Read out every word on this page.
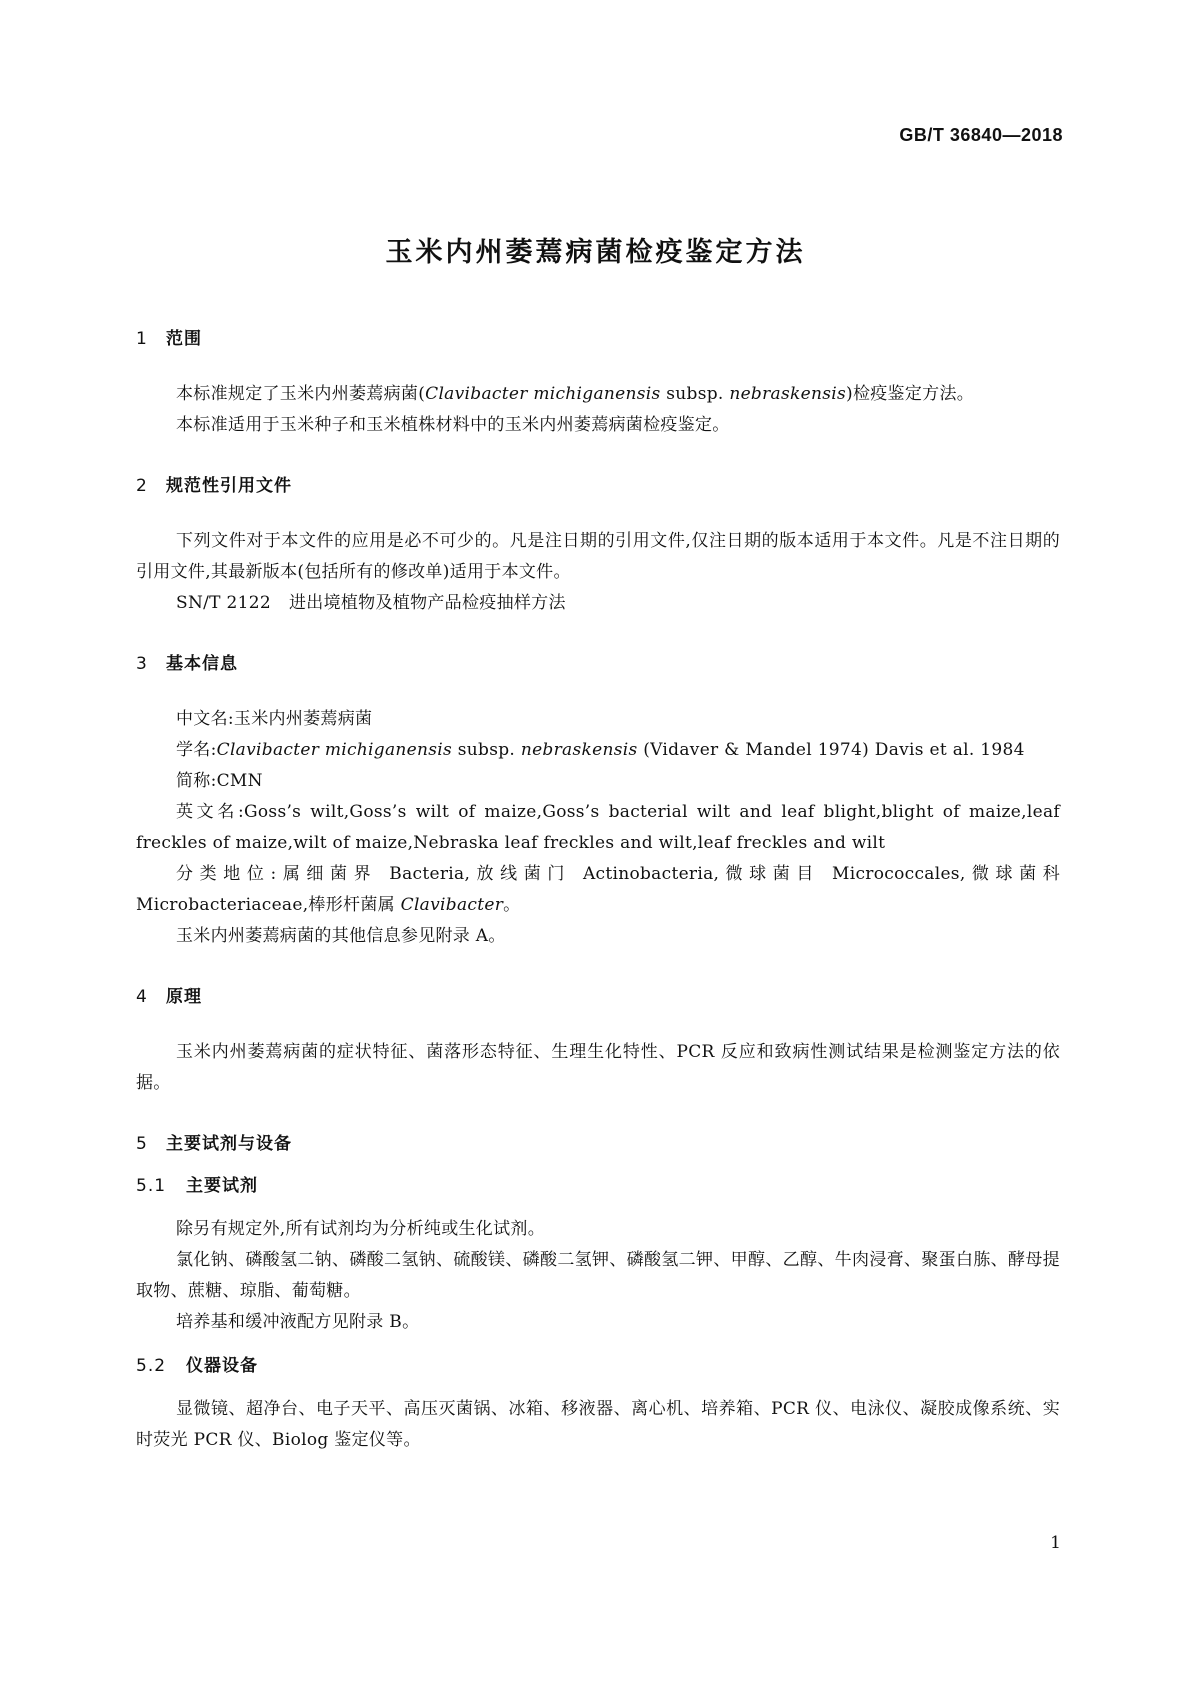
GB/T 36840—2018
玉米内州萎蔫病菌检疫鉴定方法
1 范围

本标准规定了玉米内州萎蔫病菌(Clavibacter michiganensis subsp. nebraskensis)检疫鉴定方法。

本标准适用于玉米种子和玉米植株材料中的玉米内州萎蔫病菌检疫鉴定。

2 规范性引用文件

下列文件对于本文件的应用是必不可少的。凡是注日期的引用文件,仅注日期的版本适用于本文件。凡是不注日期的引用文件,其最新版本(包括所有的修改单)适用于本文件。

SN/T 2122 进出境植物及植物产品检疫抽样方法

3 基本信息

中文名:玉米内州萎蔫病菌

学名:Clavibacter michiganensis subsp. nebraskensis (Vidaver & Mandel 1974) Davis et al. 1984

简称:CMN

英文名:Goss’s wilt,Goss’s wilt of maize,Goss’s bacterial wilt and leaf blight,blight of maize,leaf freckles of maize,wilt of maize,Nebraska leaf freckles and wilt,leaf freckles and wilt

分类地位:属细菌界 Bacteria,放线菌门 Actinobacteria,微球菌目 Micrococcales,微球菌科 Microbacteriaceae,棒形杆菌属 Clavibacter。

玉米内州萎蔫病菌的其他信息参见附录 A。

4 原理

玉米内州萎蔫病菌的症状特征、菌落形态特征、生理生化特性、PCR 反应和致病性测试结果是检测鉴定方法的依据。

5 主要试剂与设备
5.1 主要试剂

除另有规定外,所有试剂均为分析纯或生化试剂。

氯化钠、磷酸氢二钠、磷酸二氢钠、硫酸镁、磷酸二氢钾、磷酸氢二钾、甲醇、乙醇、牛肉浸膏、聚蛋白胨、酵母提取物、蔗糖、琼脂、葡萄糖。

培养基和缓冲液配方见附录 B。

5.2 仪器设备

显微镜、超净台、电子天平、高压灭菌锅、冰箱、移液器、离心机、培养箱、PCR 仪、电泳仪、凝胶成像系统、实时荧光 PCR 仪、Biolog 鉴定仪等。

1
